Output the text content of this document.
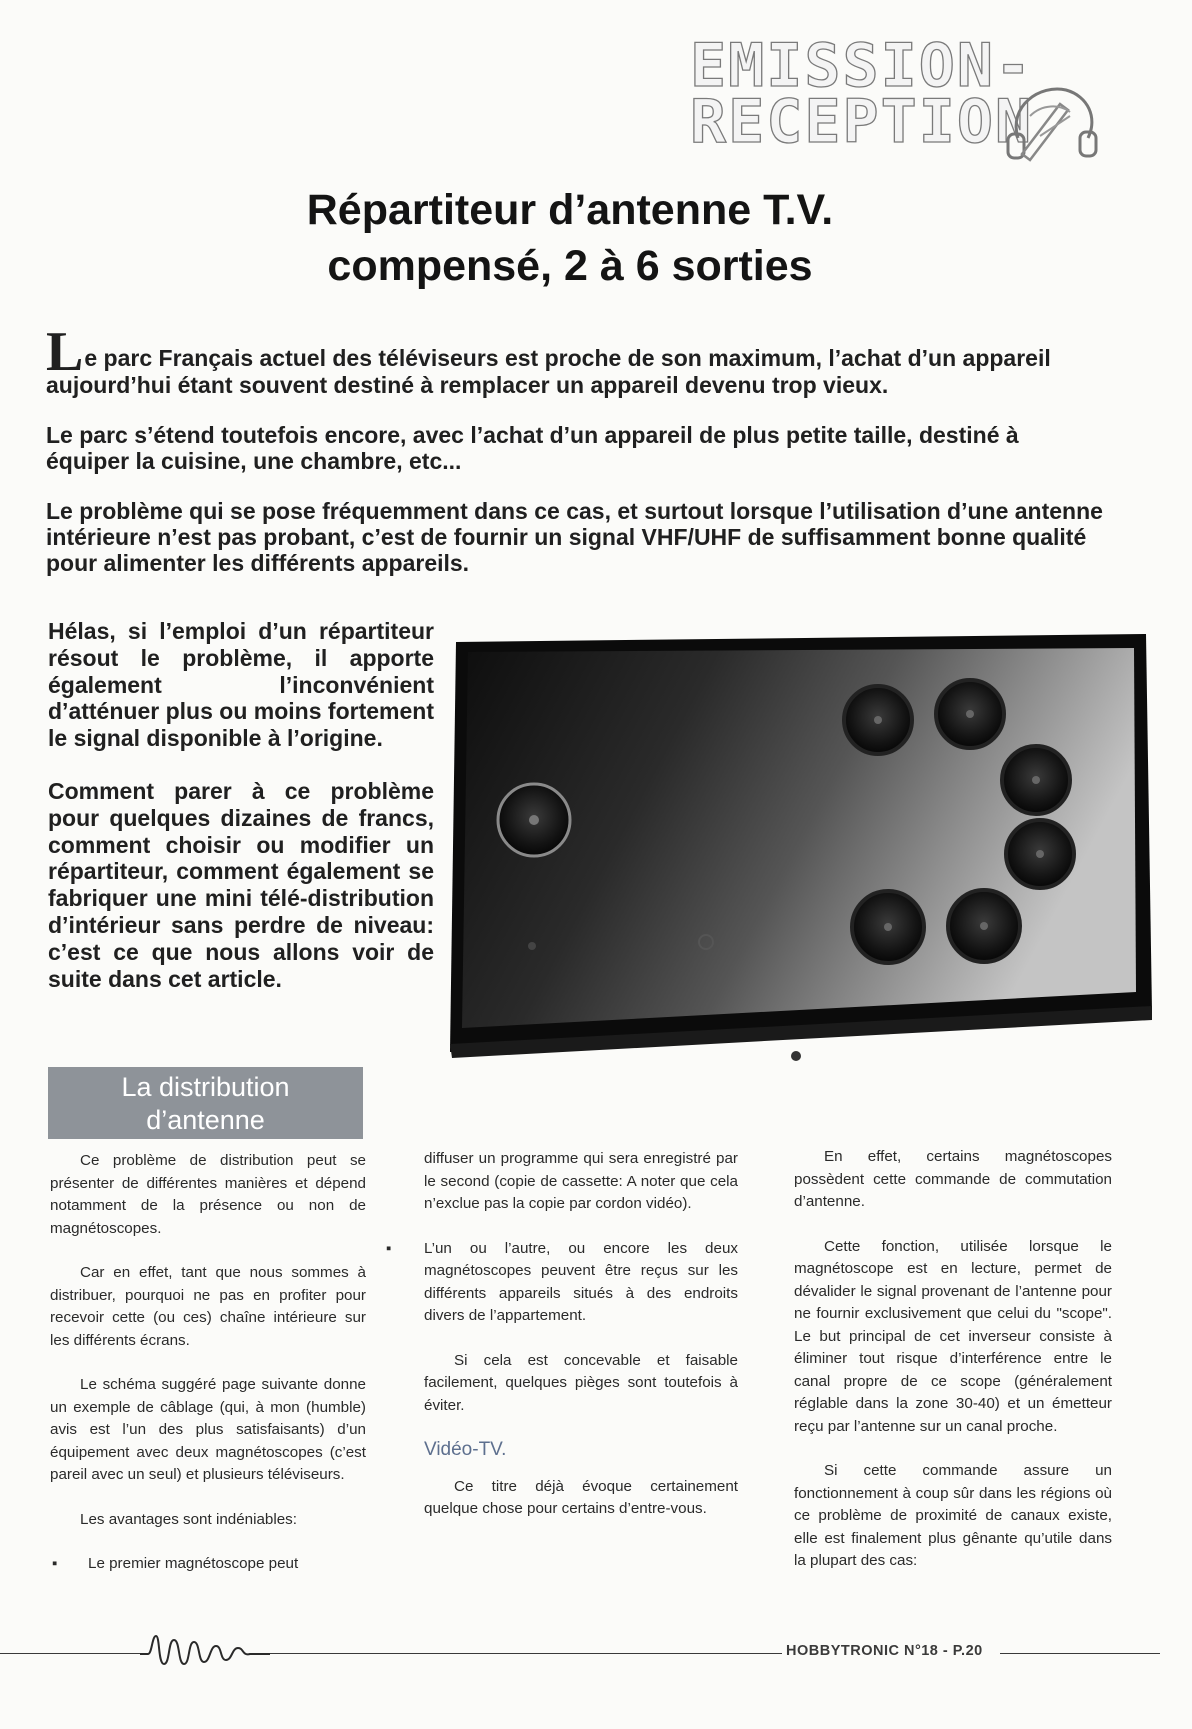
EMISSION-
RECEPTION
Répartiteur d’antenne T.V.
compensé, 2 à 6 sorties

Le parc Français actuel des téléviseurs est proche de son maximum, l’achat d’un appareil aujourd’hui étant souvent destiné à remplacer un appareil devenu trop vieux.

Le parc s’étend toutefois encore, avec l’achat d’un appareil de plus petite taille, destiné à équiper la cuisine, une chambre, etc...

Le problème qui se pose fréquemment dans ce cas, et surtout lorsque l’utilisation d’une antenne intérieure n’est pas probant, c’est de fournir un signal VHF/UHF de suffisamment bonne qualité pour alimenter les différents appareils.

Hélas, si l’emploi d’un répartiteur résout le problème, il apporte également l’inconvénient d’atténuer plus ou moins fortement le signal disponible à l’origine.

Comment parer à ce problème pour quelques dizaines de francs, comment choisir ou modifier un répartiteur, comment également se fabriquer une mini télé-distribution d’intérieur sans perdre de niveau: c’est ce que nous allons voir de suite dans cet article.

La distribution
d’antenne

Ce problème de distribution peut se présenter de différentes manières et dépend notamment de la présence ou non de magnétoscopes.

Car en effet, tant que nous sommes à distribuer, pourquoi ne pas en profiter pour recevoir cette (ou ces) chaîne intérieure sur les différents écrans.

Le schéma suggéré page suivante donne un exemple de câblage (qui, à mon (humble) avis est l’un des plus satisfaisants) d’un équipement avec deux magnétoscopes (c’est pareil avec un seul) et plusieurs téléviseurs.

Les avantages sont indéniables:

▪ Le premier magnétoscope peut

diffuser un programme qui sera enregistré par le second (copie de cassette: A noter que cela n’exclue pas la copie par cordon vidéo).

▪ L’un ou l’autre, ou encore les deux magnétoscopes peuvent être reçus sur les différents appareils situés à des endroits divers de l’appartement.

Si cela est concevable et faisable facilement, quelques pièges sont toutefois à éviter.

Vidéo-TV.

Ce titre déjà évoque certainement quelque chose pour certains d’entre-vous.

En effet, certains magnétoscopes possèdent cette commande de commutation d’antenne.

Cette fonction, utilisée lorsque le magnétoscope est en lecture, permet de dévalider le signal provenant de l’antenne pour ne fournir exclusivement que celui du "scope". Le but principal de cet inverseur consiste à éliminer tout risque d’interférence entre le canal propre de ce scope (généralement réglable dans la zone 30-40) et un émetteur reçu par l’antenne sur un canal proche.

Si cette commande assure un fonctionnement à coup sûr dans les régions où ce problème de proximité de canaux existe, elle est finalement plus gênante qu’utile dans la plupart des cas:

HOBBYTRONIC N°18 - P.20
